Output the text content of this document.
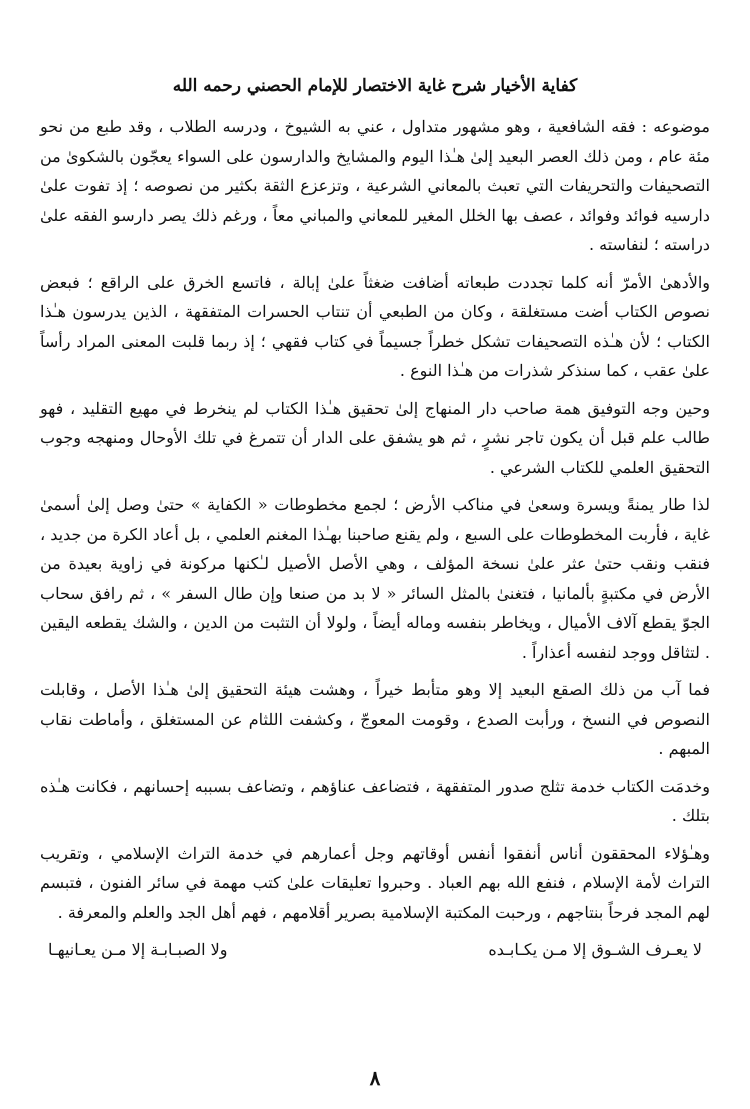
كفاية الأخيار شرح غاية الاختصار للإمام الحصني رحمه الله

موضوعه : فقه الشافعية ، وهو مشهور متداول ، عني به الشيوخ ، ودرسه الطلاب ، وقد طبع من نحو مئة عام ، ومن ذلك العصر البعيد إلىٰ هـٰذا اليوم والمشايخ والدارسون على السواء يعجّون بالشكوىٰ من التصحيفات والتحريفات التي تعبث بالمعاني الشرعية ، وتزعزع الثقة بكثير من نصوصه ؛ إذ تفوت علىٰ دارسيه فوائد وفوائد ، عصف بها الخلل المغير للمعاني والمباني معاً ، ورغم ذلك يصر دارسو الفقه علىٰ دراسته ؛ لنفاسته .

والأدهىٰ الأمرّ أنه كلما تجددت طبعاته أضافت ضغثاً علىٰ إبالة ، فاتسع الخرق على الراقع ؛ فبعض نصوص الكتاب أضت مستغلقة ، وكان من الطبعي أن تنتاب الحسرات المتفقهة ، الذين يدرسون هـٰذا الكتاب ؛ لأن هـٰذه التصحيفات تشكل خطراً جسيماً في كتاب فقهي ؛ إذ ربما قلبت المعنى المراد رأساً علىٰ عقب ، كما سنذكر شذرات من هـٰذا النوع .

وحين وجه التوفيق همة صاحب دار المنهاج إلىٰ تحقيق هـٰذا الكتاب لم ينخرط في مهيع التقليد ، فهو طالب علم قبل أن يكون تاجر نشرٍ ، ثم هو يشفق على الدار أن تتمرغ في تلك الأوحال ومنهجه وجوب التحقيق العلمي للكتاب الشرعي .

لذا طار يمنةً ويسرة وسعىٰ في مناكب الأرض ؛ لجمع مخطوطات « الكفاية » حتىٰ وصل إلىٰ أسمىٰ غاية ، فأربت المخطوطات على السبع ، ولم يقنع صاحبنا بهـٰذا المغنم العلمي ، بل أعاد الكرة من جديد ، فنقب ونقب حتىٰ عثر علىٰ نسخة المؤلف ، وهي الأصل الأصيل لـٰكنها مركونة في زاوية بعيدة من الأرض في مكتبةٍ بألمانيا ، فتغنىٰ بالمثل السائر « لا بد من صنعا وإن طال السفر » ، ثم رافق سحاب الجوّ يقطع آلاف الأميال ، ويخاطر بنفسه وماله أيضاً ، ولولا أن التثبت من الدين ، والشك يقطعه اليقين . لتثاقل ووجد لنفسه أعذاراً .

فما آب من ذلك الصقع البعيد إلا وهو متأبط خيراً ، وهشت هيئة التحقيق إلىٰ هـٰذا الأصل ، وقابلت النصوص في النسخ ، ورأبت الصدع ، وقومت المعوجّ ، وكشفت اللثام عن المستغلق ، وأماطت نقاب المبهم .

وخدمَت الكتاب خدمة تثلج صدور المتفقهة ، فتضاعف عناؤهم ، وتضاعف بسببه إحسانهم ، فكانت هـٰذه بتلك .

وهـٰؤلاء المحققون أناس أنفقوا أنفس أوقاتهم وجل أعمارهم في خدمة التراث الإسلامي ، وتقريب التراث لأمة الإسلام ، فنفع الله بهم العباد . وحبروا تعليقات علىٰ كتب مهمة في سائر الفنون ، فتبسم لهم المجد فرحاً بنتاجهم ، ورحبت المكتبة الإسلامية بصرير أقلامهم ، فهم أهل الجد والعلم والمعرفة .

لا يعـرف الشـوق إلا مـن يكـابـده
ولا الصبـابـة إلا مـن يعـانيهـا
٨
